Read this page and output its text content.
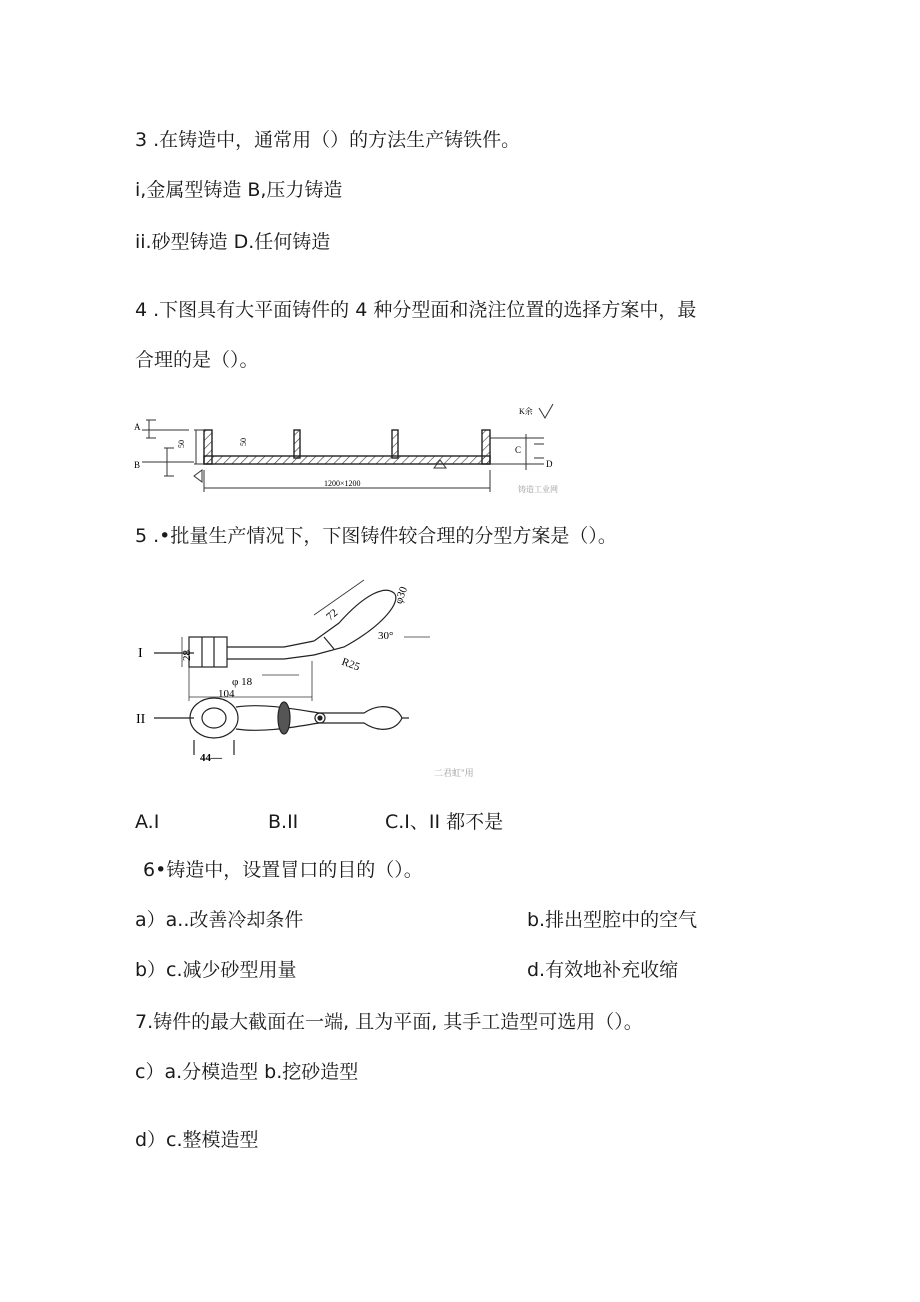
3 .在铸造中，通常用（）的方法生产铸铁件。
i,金属型铸造 B,压力铸造
ii.砂型铸造 D.任何铸造
4 .下图具有大平面铸件的 4 种分型面和浇注位置的选择方案中，最
合理的是（）。
A
B
50	50
1200×1200
C
D
K余
铸造工业网
5 .•批量生产情况下，下图铸件较合理的分型方案是（）。
I	28
φ 18
104
72
φ30
30°
R25
II
44—
二君虹"用
A.I	B.II	C.I、II 都不是
6•铸造中，设置冒口的目的（）。
a）a..改善冷却条件	b.排出型腔中的空气
b）c.减少砂型用量	d.有效地补充收缩
7.铸件的最大截面在一端, 且为平面, 其手工造型可选用（）。
c）a.分模造型 b.挖砂造型
d）c.整模造型
